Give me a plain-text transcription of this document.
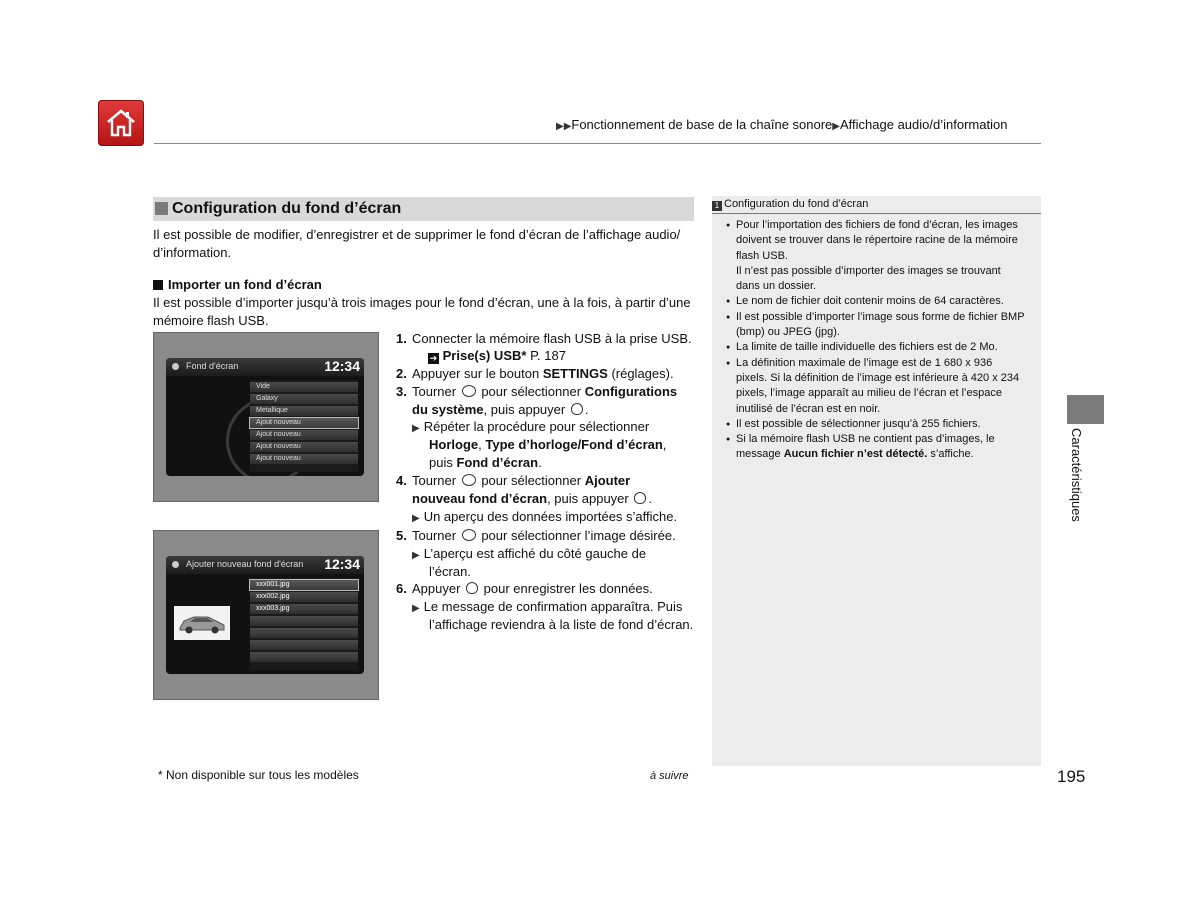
▶▶Fonctionnement de base de la chaîne sonore▶Affichage audio/d’information
Configuration du fond d’écran
Il est possible de modifier, d’enregistrer et de supprimer le fond d’écran de l’affichage audio/ d’information.
Importer un fond d’écran
Il est possible d’importer jusqu’à trois images pour le fond d’écran, une à la fois, à partir d’une mémoire flash USB.
Fond d'écran	12:34
Vide
Galaxy
Metallique
Ajout nouveau
Ajout nouveau
Ajout nouveau
Ajout nouveau
Ajouter nouveau fond d'écran 12:34
xxx001.jpg
xxx002.jpg
xxx003.jpg
1. Connecter la mémoire flash USB à la prise USB.
➔ Prise(s) USB* P. 187
2. Appuyer sur le bouton SETTINGS (réglages).
3. Tourner pour sélectionner Configurations
du système, puis appuyer .
▶ Répéter la procédure pour sélectionner
Horloge, Type d’horloge/Fond d’écran,
puis Fond d’écran.
4. Tourner pour sélectionner Ajouter
nouveau fond d’écran, puis appuyer .
▶ Un aperçu des données importées s’affiche.
5. Tourner pour sélectionner l’image désirée.
▶ L’aperçu est affiché du côté gauche de
l’écran.
6. Appuyer pour enregistrer les données.
▶ Le message de confirmation apparaîtra. Puis
l’affichage reviendra à la liste de fond d’écran.
1 Configuration du fond d’écran
● Pour l’importation des fichiers de fond d’écran, les images
doivent se trouver dans le répertoire racine de la mémoire
flash USB.
Il n’est pas possible d’importer des images se trouvant
dans un dossier.
● Le nom de fichier doit contenir moins de 64 caractères.
● Il est possible d’importer l’image sous forme de fichier BMP
(bmp) ou JPEG (jpg).
● La limite de taille individuelle des fichiers est de 2 Mo.
● La définition maximale de l’image est de 1 680 x 936
pixels. Si la définition de l’image est inférieure à 420 x 234
pixels, l’image apparaît au milieu de l’écran et l’espace
inutilisé de l’écran est en noir.
● Il est possible de sélectionner jusqu’à 255 fichiers.
● Si la mémoire flash USB ne contient pas d’images, le
message Aucun fichier n’est détecté. s’affiche.	Caractéristiques
* Non disponible sur tous les modèles	à suivre	195
